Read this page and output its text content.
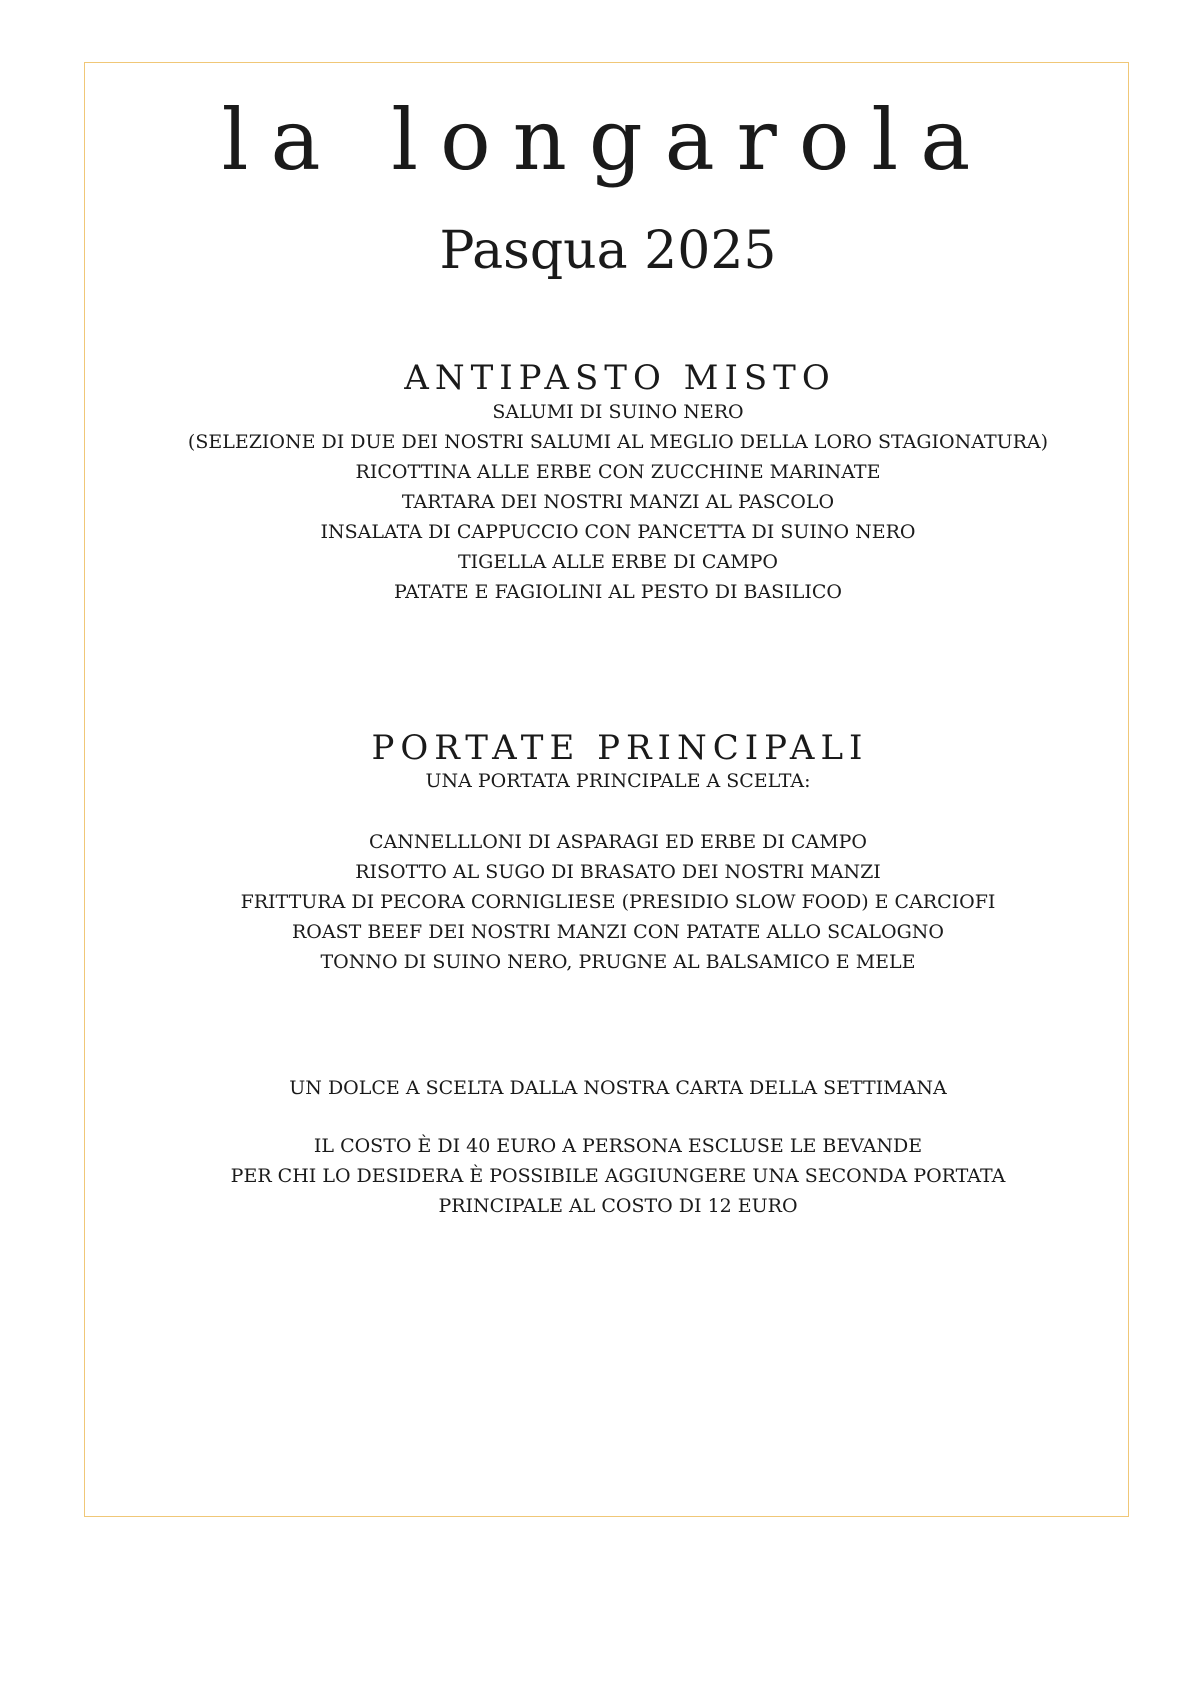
la longarola
Pasqua 2025
ANTIPASTO MISTO
SALUMI DI SUINO NERO
(SELEZIONE DI DUE DEI NOSTRI SALUMI AL MEGLIO DELLA LORO STAGIONATURA)
RICOTTINA ALLE ERBE CON ZUCCHINE MARINATE
TARTARA DEI NOSTRI MANZI AL PASCOLO
INSALATA DI CAPPUCCIO CON PANCETTA DI SUINO NERO
TIGELLA ALLE ERBE DI CAMPO
PATATE E FAGIOLINI AL PESTO DI BASILICO
PORTATE PRINCIPALI
UNA PORTATA PRINCIPALE A SCELTA:
CANNELLLONI DI ASPARAGI ED ERBE DI CAMPO
RISOTTO AL SUGO DI BRASATO DEI NOSTRI MANZI
FRITTURA DI PECORA CORNIGLIESE (PRESIDIO SLOW FOOD) E CARCIOFI
ROAST BEEF DEI NOSTRI MANZI CON PATATE ALLO SCALOGNO
TONNO DI SUINO NERO, PRUGNE AL BALSAMICO E MELE
UN DOLCE A SCELTA DALLA NOSTRA CARTA DELLA SETTIMANA
IL COSTO È DI 40 EURO A PERSONA ESCLUSE LE BEVANDE
PER CHI LO DESIDERA È POSSIBILE AGGIUNGERE UNA SECONDA PORTATA
PRINCIPALE AL COSTO DI 12 EURO
